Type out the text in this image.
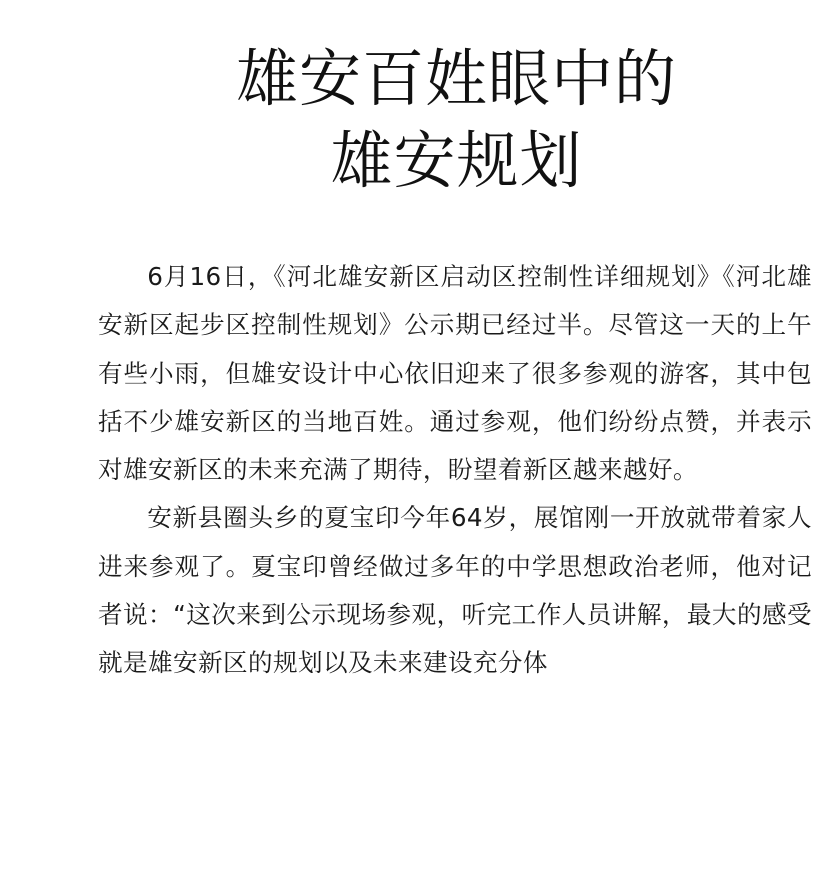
雄安百姓眼中的
雄安规划

6月16日，《河北雄安新区启动区控制性详细规划》《河北雄安新区起步区控制性规划》公示期已经过半。尽管这一天的上午有些小雨，但雄安设计中心依旧迎来了很多参观的游客，其中包括不少雄安新区的当地百姓。通过参观，他们纷纷点赞，并表示对雄安新区的未来充满了期待，盼望着新区越来越好。

安新县圈头乡的夏宝印今年64岁，展馆刚一开放就带着家人进来参观了。夏宝印曾经做过多年的中学思想政治老师，他对记者说：“这次来到公示现场参观，听完工作人员讲解，最大的感受就是雄安新区的规划以及未来建设充分体
